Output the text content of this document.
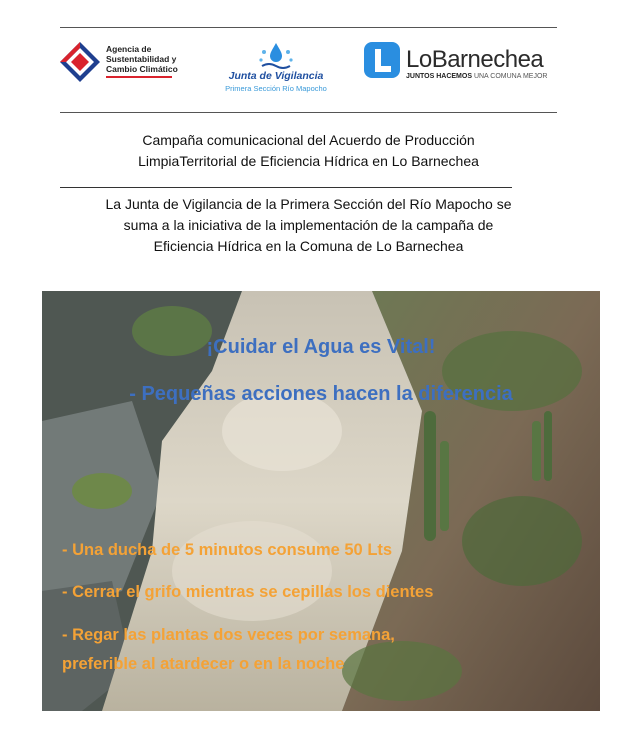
Agencia de
Sustentabilidad y
Cambio Climático
Junta de Vigilancia
Primera Sección Río Mapocho
LoBarnechea
JUNTOS HACEMOS UNA COMUNA MEJOR
Campaña comunicacional del Acuerdo de Producción
LimpiaTerritorial de Eficiencia Hídrica en Lo Barnechea
La Junta de Vigilancia de la Primera Sección del Río Mapocho se
suma a la iniciativa de la implementación de la campaña de
Eficiencia Hídrica en la Comuna de Lo Barnechea
¡Cuidar el Agua es Vital!
- Pequeñas acciones hacen la diferencia
- Una ducha de 5 minutos consume 50 Lts
- Cerrar el grifo mientras se cepillas los dientes
- Regar las plantas dos veces por semana,
preferible al atardecer o en la noche
